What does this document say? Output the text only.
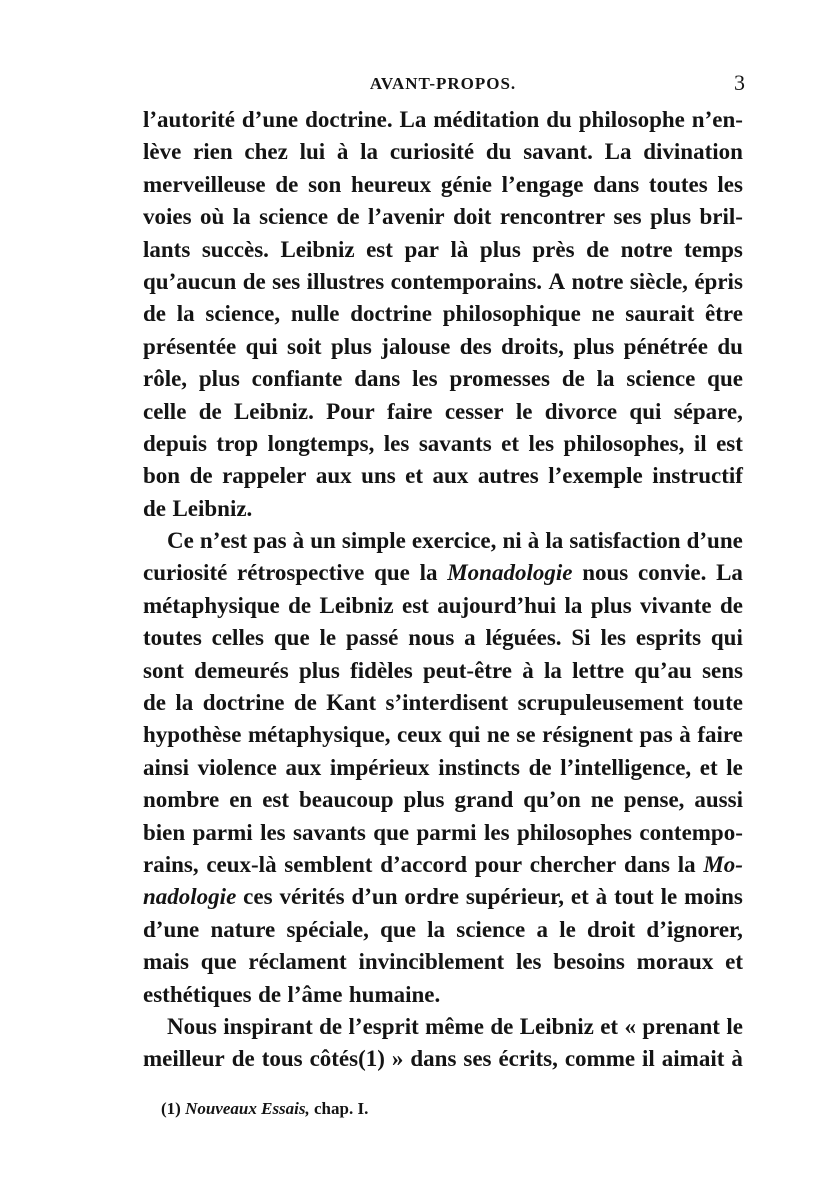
AVANT-PROPOS.	3
l’autorité d’une doctrine. La méditation du philosophe n’en-
lève rien chez lui à la curiosité du savant. La divination
merveilleuse de son heureux génie l’engage dans toutes les
voies où la science de l’avenir doit rencontrer ses plus bril-
lants succès. Leibniz est par là plus près de notre temps
qu’aucun de ses illustres contemporains. A notre siècle, épris
de la science, nulle doctrine philosophique ne saurait être
présentée qui soit plus jalouse des droits, plus pénétrée du
rôle, plus confiante dans les promesses de la science que
celle de Leibniz. Pour faire cesser le divorce qui sépare,
depuis trop longtemps, les savants et les philosophes, il est
bon de rappeler aux uns et aux autres l’exemple instructif
de Leibniz.
Ce n’est pas à un simple exercice, ni à la satisfaction d’une
curiosité rétrospective que la Monadologie nous convie. La
métaphysique de Leibniz est aujourd’hui la plus vivante de
toutes celles que le passé nous a léguées. Si les esprits qui
sont demeurés plus fidèles peut-être à la lettre qu’au sens
de la doctrine de Kant s’interdisent scrupuleusement toute
hypothèse métaphysique, ceux qui ne se résignent pas à faire
ainsi violence aux impérieux instincts de l’intelligence, et le
nombre en est beaucoup plus grand qu’on ne pense, aussi
bien parmi les savants que parmi les philosophes contempo-
rains, ceux-là semblent d’accord pour chercher dans la Mo-
nadologie ces vérités d’un ordre supérieur, et à tout le moins
d’une nature spéciale, que la science a le droit d’ignorer,
mais que réclament invinciblement les besoins moraux et
esthétiques de l’âme humaine.
Nous inspirant de l’esprit même de Leibniz et « prenant le
meilleur de tous côtés(1) » dans ses écrits, comme il aimait à
(1) Nouveaux Essais, chap. I.
